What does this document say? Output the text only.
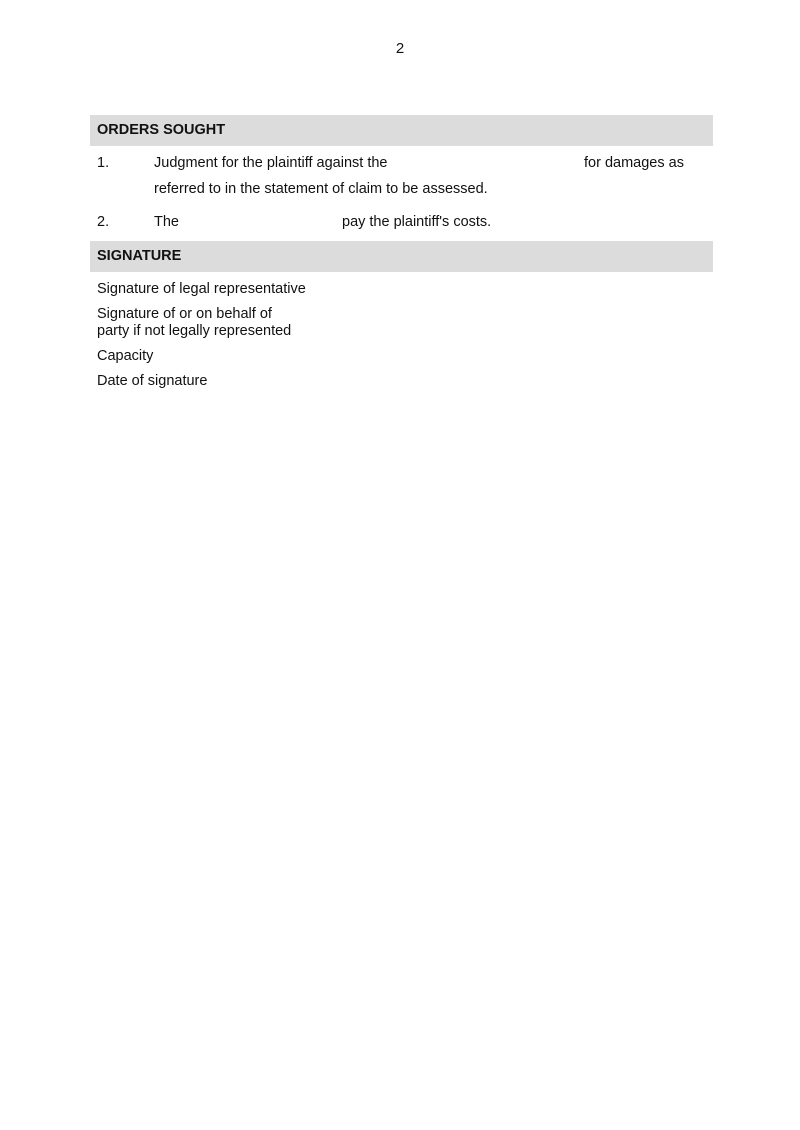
2
ORDERS SOUGHT
1.	Judgment for the plaintiff against the	for damages as
referred to in the statement of claim to be assessed.
2.	The	pay the plaintiff's costs.
SIGNATURE
Signature of legal representative
Signature of or on behalf of
party if not legally represented
Capacity
Date of signature
